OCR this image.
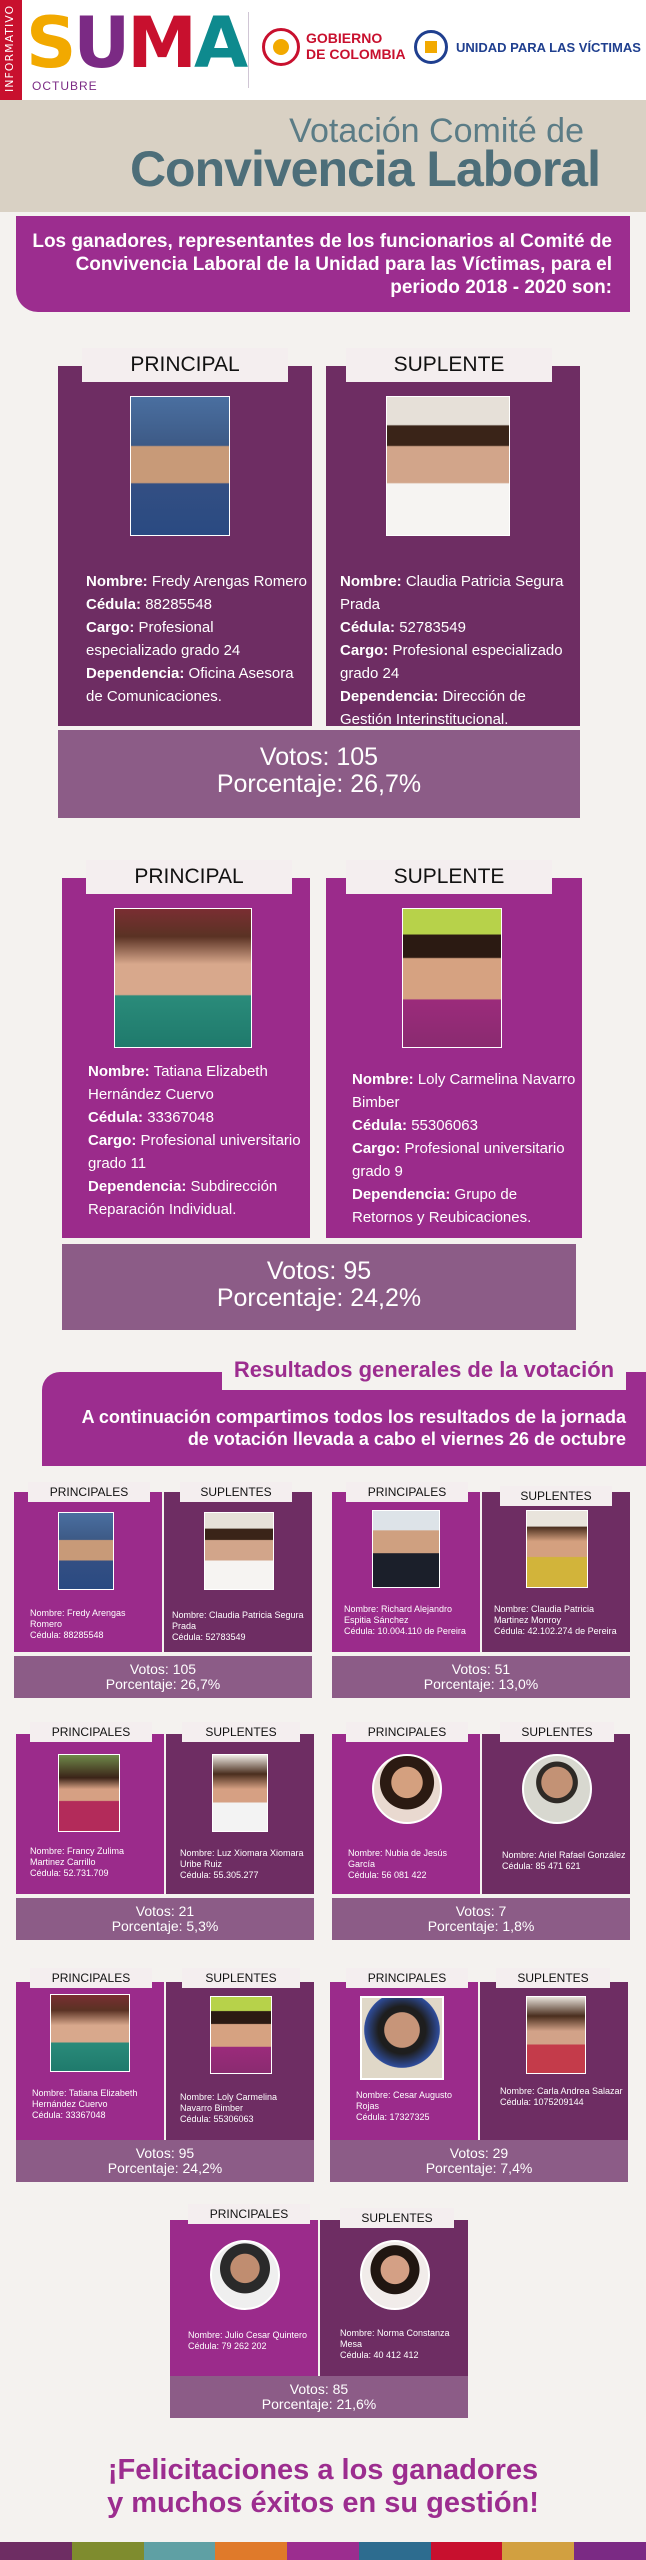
INFORMATIVO SUMA
OCTUBRE
GOBIERNO
DE COLOMBIA	UNIDAD PARA LAS VÍCTIMAS
Votación Comité de
Convivencia Laboral
Los ganadores, representantes de los funcionarios al Comité de Convivencia Laboral de la Unidad para las Víctimas, para el periodo 2018 - 2020 son:
Nombre: Fredy Arengas Romero
Cédula: 88285548
Cargo: Profesional especializado grado 24
Dependencia: Oficina Asesora de Comunicaciones.
PRINCIPAL
Nombre: Claudia Patricia Segura Prada
Cédula: 52783549
Cargo: Profesional especializado grado 24
Dependencia: Dirección de Gestión Interinstitucional.
SUPLENTE
Votos: 105
Porcentaje: 26,7%
Nombre: Tatiana Elizabeth Hernández Cuervo
Cédula: 33367048
Cargo: Profesional universitario grado 11
Dependencia: Subdirección Reparación Individual.
PRINCIPAL
Nombre: Loly Carmelina Navarro Bimber
Cédula: 55306063
Cargo: Profesional universitario grado 9
Dependencia: Grupo de Retornos y Reubicaciones.
SUPLENTE
Votos: 95
Porcentaje: 24,2%
A continuación compartimos todos los resultados de la jornada de votación llevada a cabo el viernes 26 de octubre
Resultados generales de la votación
Nombre: Fredy Arengas Romero
Cédula: 88285548
Nombre: Claudia Patricia Segura Prada
Cédula: 52783549
PRINCIPALES	SUPLENTES
Votos: 105
Porcentaje: 26,7%
Nombre: Richard Alejandro Espitia Sánchez
Cédula: 10.004.110 de Pereira
Nombre: Claudia Patricia Martinez Monroy
Cédula: 42.102.274 de Pereira
PRINCIPALES	SUPLENTES
Votos: 51
Porcentaje: 13,0%
Nombre: Francy Zulima Martinez Carrillo
Cédula: 52.731.709
Nombre: Luz Xiomara Xiomara Uribe Ruiz
Cédula: 55.305.277
PRINCIPALES	SUPLENTES
Votos: 21
Porcentaje: 5,3%
Nombre: Nubia de Jesús García
Cédula: 56 081 422
Nombre: Ariel Rafael González
Cédula: 85 471 621
PRINCIPALES	SUPLENTES
Votos: 7
Porcentaje: 1,8%
Nombre: Tatiana Elizabeth Hernández Cuervo
Cédula: 33367048
Nombre: Loly Carmelina Navarro Bimber
Cédula: 55306063
PRINCIPALES	SUPLENTES
Votos: 95
Porcentaje: 24,2%
Nombre: Cesar Augusto Rojas
Cédula: 17327325
Nombre: Carla Andrea Salazar
Cédula: 1075209144
PRINCIPALES	SUPLENTES
Votos: 29
Porcentaje: 7,4%
Nombre: Julio Cesar Quintero
Cédula: 79 262 202
Nombre: Norma Constanza Mesa
Cédula: 40 412 412
PRINCIPALES	SUPLENTES
Votos: 85
Porcentaje: 21,6%
¡Felicitaciones a los ganadores
y muchos éxitos en su gestión!
